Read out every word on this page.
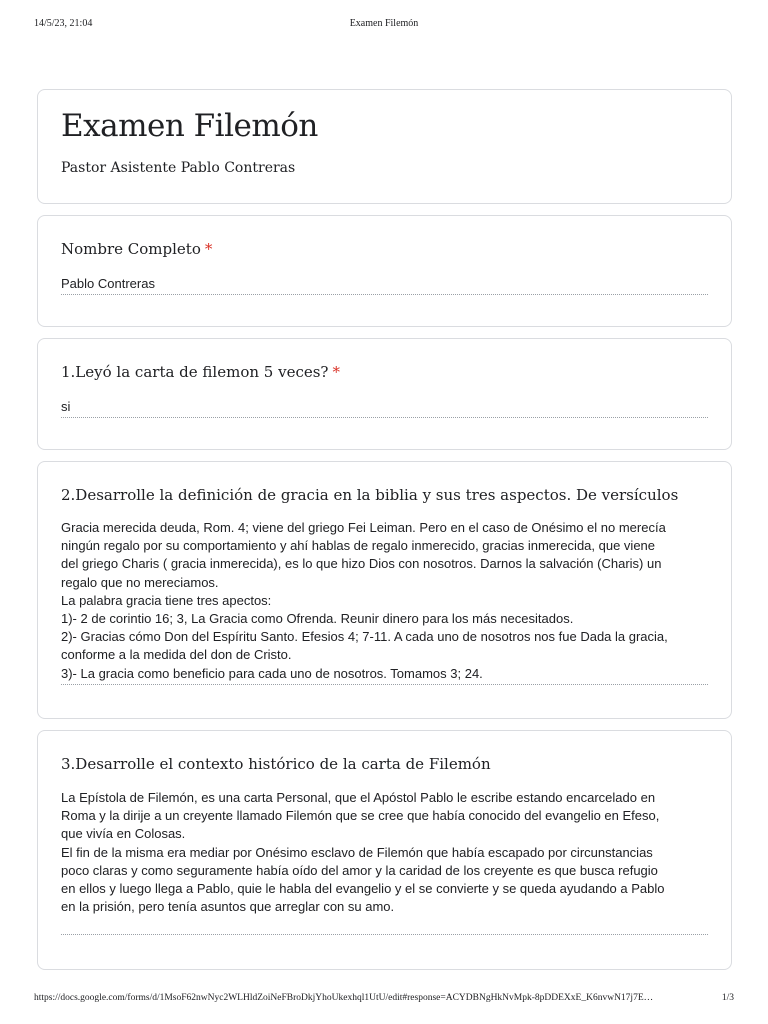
14/5/23, 21:04	Examen Filemón
Examen Filemón
Pastor Asistente Pablo Contreras
Nombre Completo *
Pablo Contreras
1.Leyó la carta de filemon 5 veces? *
si
2.Desarrolle la definición de gracia en la biblia y sus tres aspectos. De versículos
Gracia merecida deuda, Rom. 4; viene del griego Fei Leiman. Pero en el caso de Onésimo el no merecía
ningún regalo por su comportamiento y ahí hablas de regalo inmerecido, gracias inmerecida, que viene
del griego Charis ( gracia inmerecida), es lo que hizo Dios con nosotros. Darnos la salvación (Charis) un
regalo que no mereciamos.
La palabra gracia tiene tres apectos:
1)- 2 de corintio 16; 3, La Gracia como Ofrenda. Reunir dinero para los más necesitados.
2)- Gracias cómo Don del Espíritu Santo. Efesios 4; 7-11. A cada uno de nosotros nos fue Dada la gracia,
conforme a la medida del don de Cristo.
3)- La gracia como beneficio para cada uno de nosotros. Tomamos 3; 24.
3.Desarrolle el contexto histórico de la carta de Filemón
La Epístola de Filemón, es una carta Personal, que el Apóstol Pablo le escribe estando encarcelado en
Roma y la dirije a un creyente llamado Filemón que se cree que había conocido del evangelio en Efeso,
que vivía en Colosas.
El fin de la misma era mediar por Onésimo esclavo de Filemón que había escapado por circunstancias
poco claras y como seguramente había oído del amor y la caridad de los creyente es que busca refugio
en ellos y luego llega a Pablo, quie le habla del evangelio y el se convierte y se queda ayudando a Pablo
en la prisión, pero tenía asuntos que arreglar con su amo.
https://docs.google.com/forms/d/1MsoF62nwNyc2WLHldZoiNeFBroDkjYhoUkexhql1UtU/edit#response=ACYDBNgHkNvMpk-8pDDEXxE_K6nvwN17j7E…	1/3
